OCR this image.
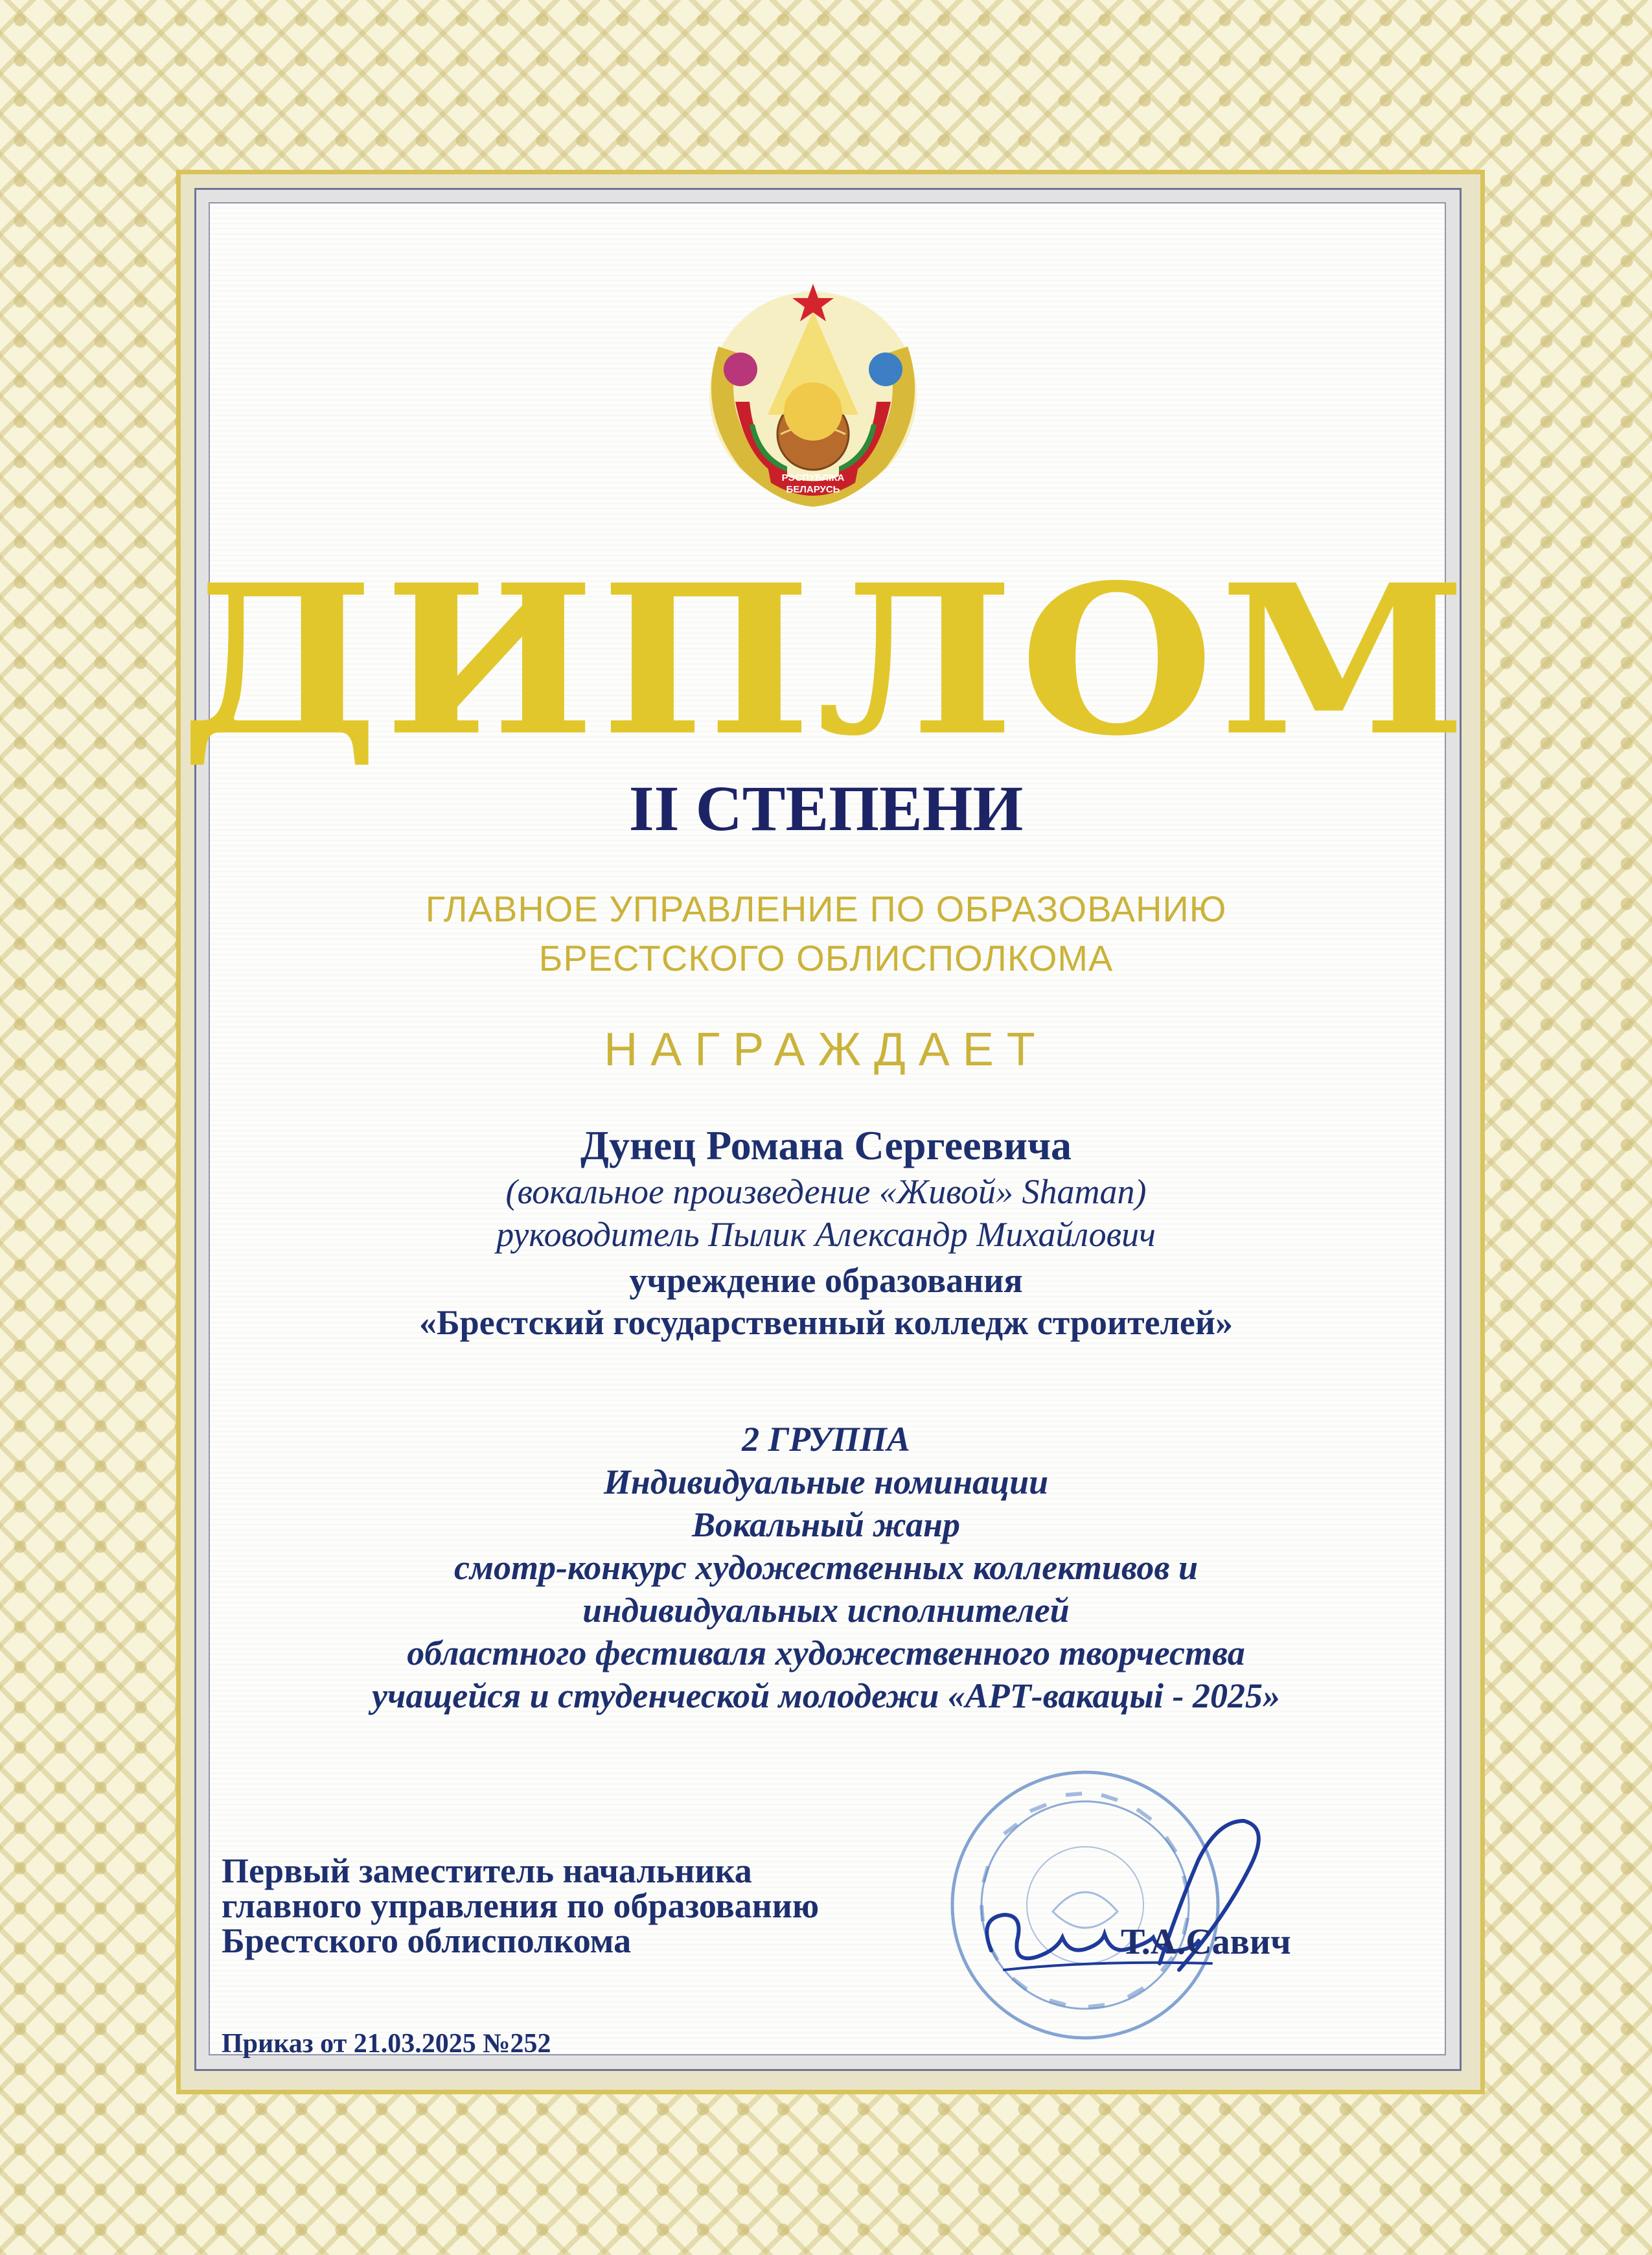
РЭСПУБЛІКА
БЕЛАРУСЬ
ДИПЛОМ
II СТЕПЕНИ
ГЛАВНОЕ УПРАВЛЕНИЕ ПО ОБРАЗОВАНИЮ
БРЕСТСКОГО ОБЛИСПОЛКОМА
НАГРАЖДАЕТ
Дунец Романа Сергеевича
(вокальное произведение «Живой» Shaman)
руководитель Пылик Александр Михайлович
учреждение образования
«Брестский государственный колледж строителей»
2 ГРУППА
Индивидуальные номинации
Вокальный жанр
смотр-конкурс художественных коллективов и
индивидуальных исполнителей
областного фестиваля художественного творчества
учащейся и студенческой молодежи «АРТ-вакацыі - 2025»
Первый заместитель начальника
главного управления по образованию
Брестского облисполкома	Т.А.Савич
Приказ от 21.03.2025 №252
